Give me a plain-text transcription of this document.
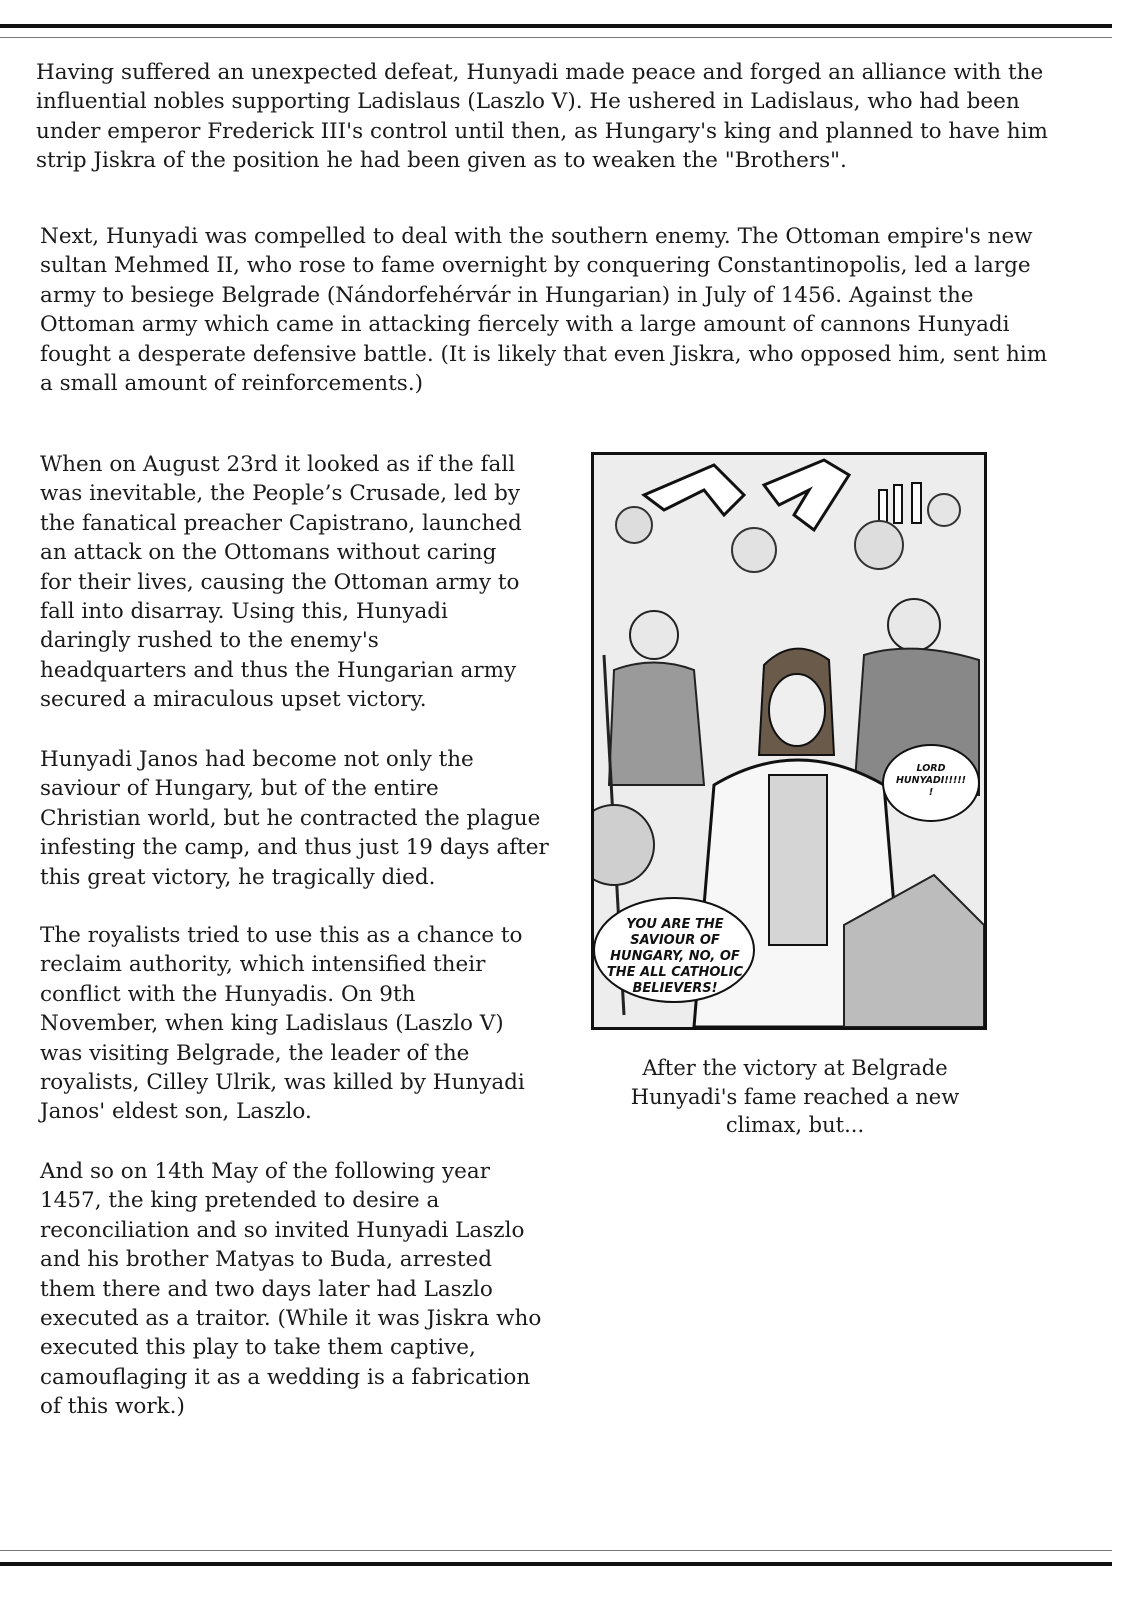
Having suffered an unexpected defeat, Hunyadi made peace and forged an alliance with the
influential nobles supporting Ladislaus (Laszlo V). He ushered in Ladislaus, who had been
under emperor Frederick III's control until then, as Hungary's king and planned to have him
strip Jiskra of the position he had been given as to weaken the "Brothers".

Next, Hunyadi was compelled to deal with the southern enemy. The Ottoman empire's new
sultan Mehmed II, who rose to fame overnight by conquering Constantinopolis, led a large
army to besiege Belgrade (Nándorfehérvár in Hungarian) in July of 1456. Against the
Ottoman army which came in attacking fiercely with a large amount of cannons Hunyadi
fought a desperate defensive battle. (It is likely that even Jiskra, who opposed him, sent him
a small amount of reinforcements.)

When on August 23rd it looked as if the fall
was inevitable, the People’s Crusade, led by
the fanatical preacher Capistrano, launched
an attack on the Ottomans without caring
for their lives, causing the Ottoman army to
fall into disarray. Using this, Hunyadi
daringly rushed to the enemy's
headquarters and thus the Hungarian army
secured a miraculous upset victory.

Hunyadi Janos had become not only the
saviour of Hungary, but of the entire
Christian world, but he contracted the plague
infesting the camp, and thus just 19 days after
this great victory, he tragically died.

The royalists tried to use this as a chance to
reclaim authority, which intensified their
conflict with the Hunyadis. On 9th
November, when king Ladislaus (Laszlo V)
was visiting Belgrade, the leader of the
royalists, Cilley Ulrik, was killed by Hunyadi
Janos' eldest son, Laszlo.

And so on 14th May of the following year
1457, the king pretended to desire a
reconciliation and so invited Hunyadi Laszlo
and his brother Matyas to Buda, arrested
them there and two days later had Laszlo
executed as a traitor. (While it was Jiskra who
executed this play to take them captive,
camouflaging it as a wedding is a fabrication
of this work.)

LORD
HUNYADI!!!!!
!
YOU ARE THE
SAVIOUR OF
HUNGARY, NO, OF
THE ALL CATHOLIC
BELIEVERS!

After the victory at Belgrade
Hunyadi's fame reached a new
climax, but...
